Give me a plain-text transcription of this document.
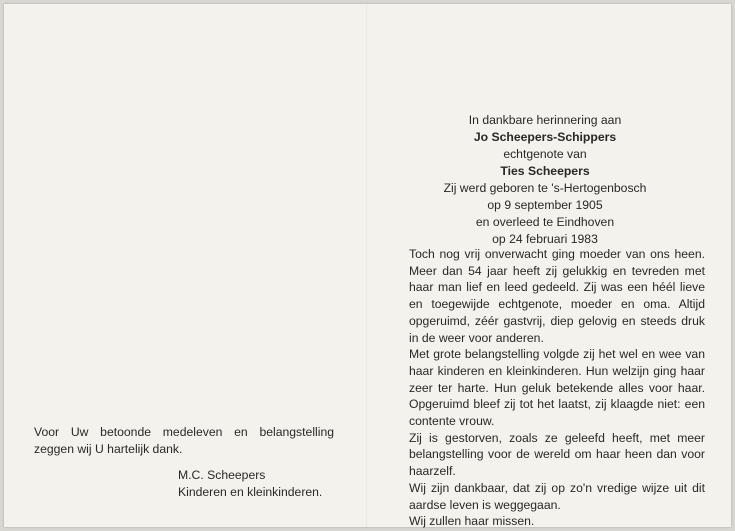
Voor Uw betoonde medeleven en belangstelling

zeggen wij U hartelijk dank.

M.C. Scheepers

Kinderen en kleinkinderen.

In dankbare herinnering aan
Jo Scheepers-Schippers
echtgenote van
Ties Scheepers
Zij werd geboren te 's-Hertogenbosch
op 9 september 1905
en overleed te Eindhoven
op 24 februari 1983
Toch nog vrij onverwacht ging moeder van ons heen.
Meer dan 54 jaar heeft zij gelukkig en tevreden met
haar man lief en leed gedeeld. Zij was een héél lieve
en toegewijde echtgenote, moeder en oma. Altijd
opgeruimd, zéér gastvrij, diep gelovig en steeds druk
in de weer voor anderen.
Met grote belangstelling volgde zij het wel en wee van
haar kinderen en kleinkinderen. Hun welzijn ging haar
zeer ter harte. Hun geluk betekende alles voor haar.
Opgeruimd bleef zij tot het laatst, zij klaagde niet: een
contente vrouw.
Zij is gestorven, zoals ze geleefd heeft, met meer
belangstelling voor de wereld om haar heen dan voor
haarzelf.
Wij zijn dankbaar, dat zij op zo'n vredige wijze uit dit
aardse leven is weggegaan.
Wij zullen haar missen.
